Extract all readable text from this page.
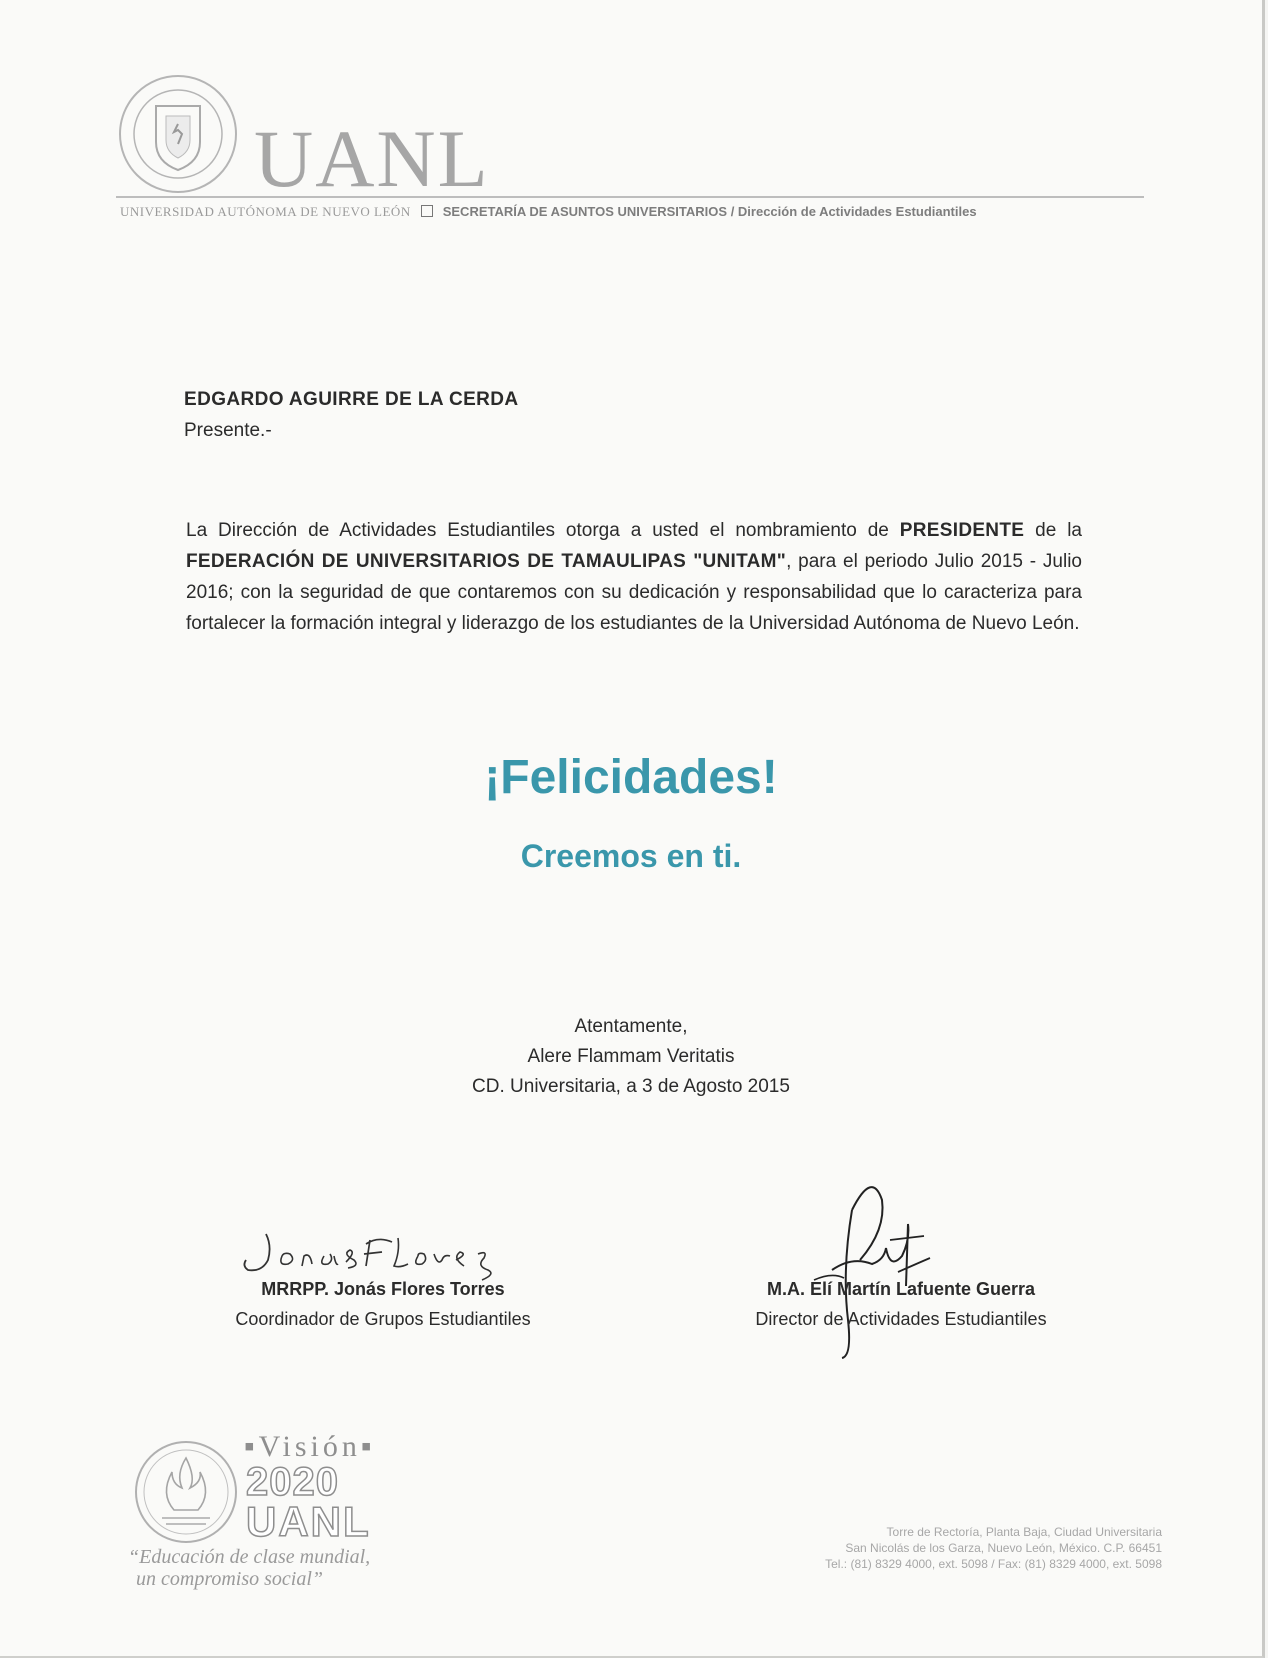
UANL
UNIVERSIDAD AUTÓNOMA DE NUEVO LEÓN SECRETARÍA DE ASUNTOS UNIVERSITARIOS / Dirección de Actividades Estudiantiles
EDGARDO AGUIRRE DE LA CERDA
Presente.-
La Dirección de Actividades Estudiantiles otorga a usted el nombramiento de PRESIDENTE de la FEDERACIÓN DE UNIVERSITARIOS DE TAMAULIPAS "UNITAM", para el periodo Julio 2015 - Julio 2016; con la seguridad de que contaremos con su dedicación y responsabilidad que lo caracteriza para fortalecer la formación integral y liderazgo de los estudiantes de la Universidad Autónoma de Nuevo León.
¡Felicidades!
Creemos en ti.
Atentamente,
Alere Flammam Veritatis
CD. Universitaria, a 3 de Agosto 2015
MRRPP. Jonás Flores Torres
Coordinador de Grupos Estudiantiles
M.A. Elí Martín Lafuente Guerra
Director de Actividades Estudiantiles
▪Visión▪
2020
UANL
“Educación de clase mundial,
un compromiso social”
Torre de Rectoría, Planta Baja, Ciudad Universitaria
San Nicolás de los Garza, Nuevo León, México. C.P. 66451
Tel.: (81) 8329 4000, ext. 5098 / Fax: (81) 8329 4000, ext. 5098
